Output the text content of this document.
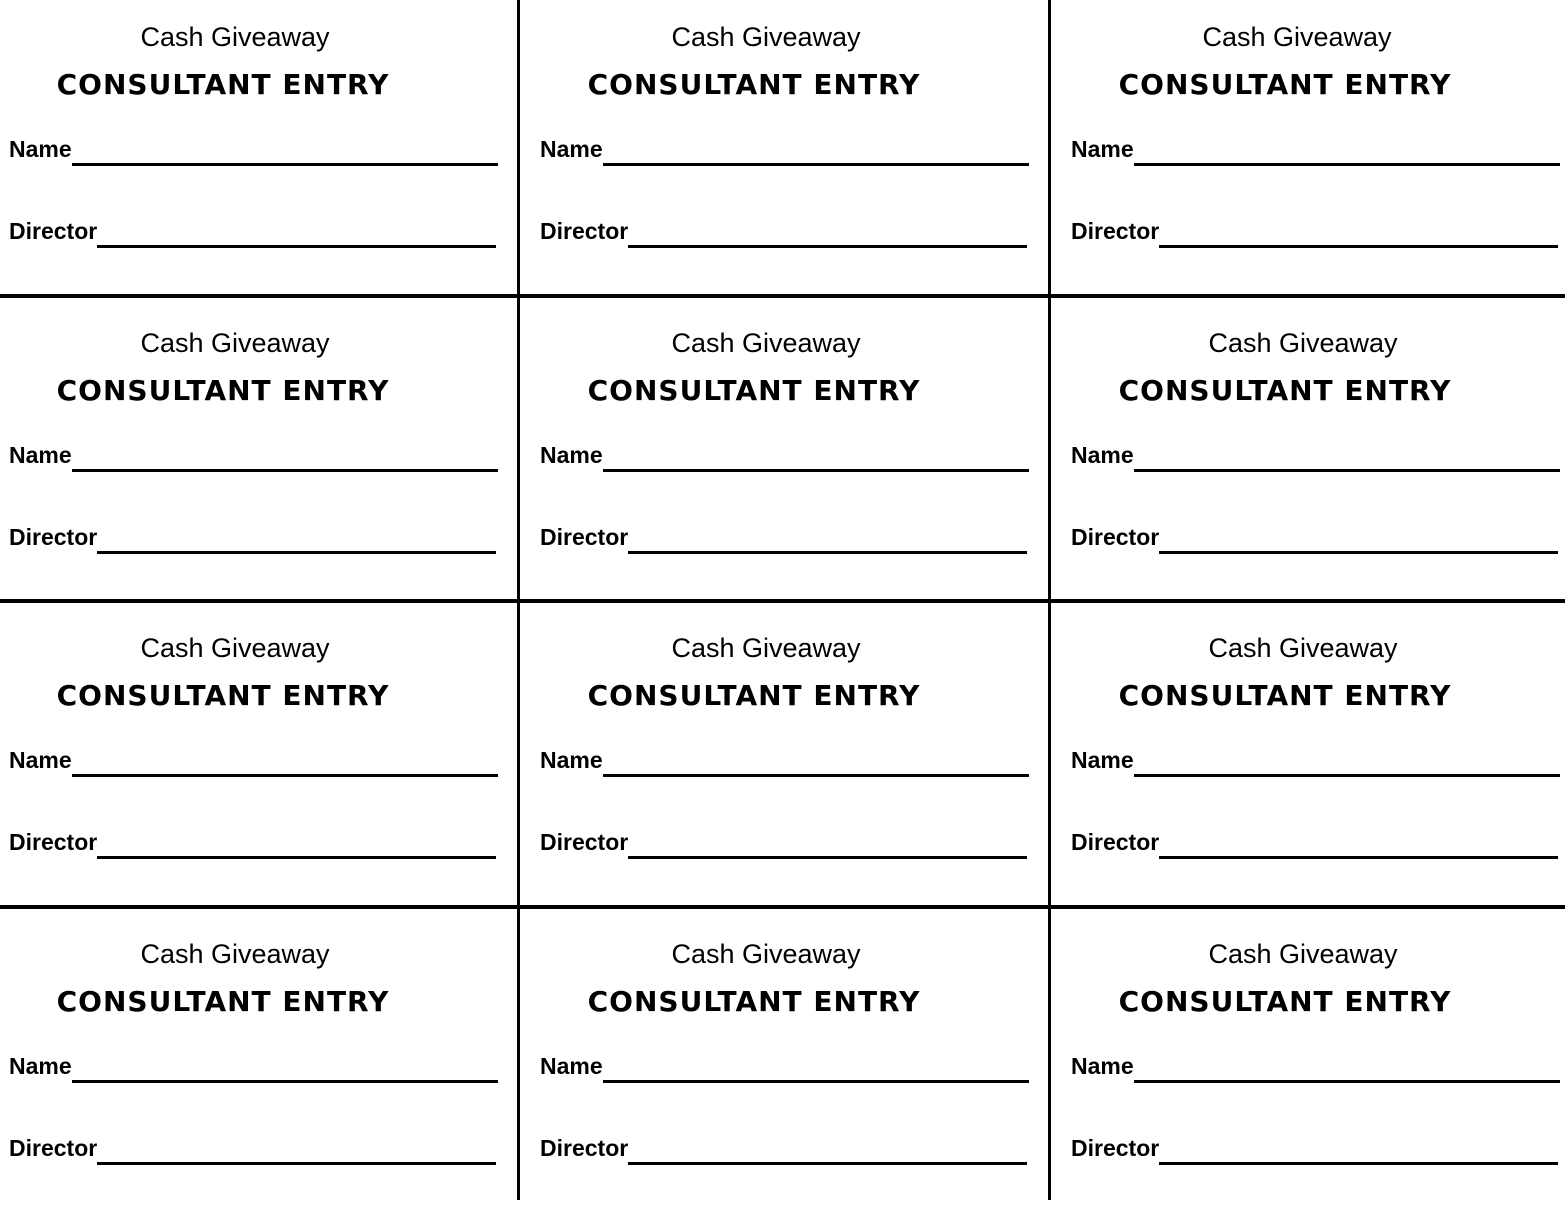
Cash Giveaway
CONSULTANT ENTRY
Name
Director
Cash Giveaway
CONSULTANT ENTRY
Name
Director
Cash Giveaway
CONSULTANT ENTRY
Name
Director
Cash Giveaway
CONSULTANT ENTRY
Name
Director
Cash Giveaway
CONSULTANT ENTRY
Name
Director
Cash Giveaway
CONSULTANT ENTRY
Name
Director
Cash Giveaway
CONSULTANT ENTRY
Name
Director
Cash Giveaway
CONSULTANT ENTRY
Name
Director
Cash Giveaway
CONSULTANT ENTRY
Name
Director
Cash Giveaway
CONSULTANT ENTRY
Name
Director
Cash Giveaway
CONSULTANT ENTRY
Name
Director
Cash Giveaway
CONSULTANT ENTRY
Name
Director
